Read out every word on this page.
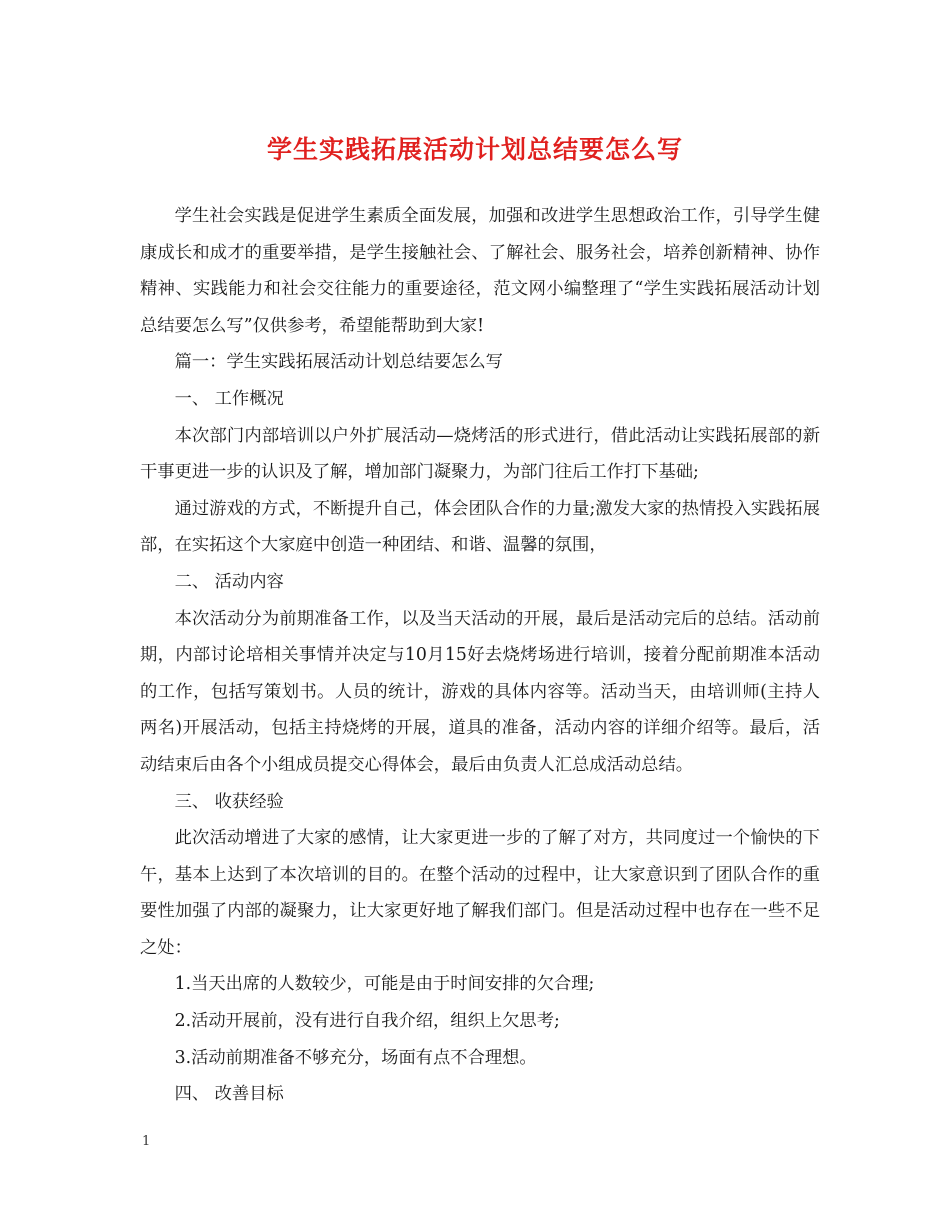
学生实践拓展活动计划总结要怎么写

学生社会实践是促进学生素质全面发展，加强和改进学生思想政治工作，引导学生健康成长和成才的重要举措，是学生接触社会、了解社会、服务社会，培养创新精神、协作精神、实践能力和社会交往能力的重要途径，范文网小编整理了“学生实践拓展活动计划总结要怎么写”仅供参考，希望能帮助到大家!

篇一：学生实践拓展活动计划总结要怎么写

一、 工作概况

本次部门内部培训以户外扩展活动—烧烤活的形式进行，借此活动让实践拓展部的新干事更进一步的认识及了解，增加部门凝聚力，为部门往后工作打下基础;

通过游戏的方式，不断提升自己，体会团队合作的力量;激发大家的热情投入实践拓展部，在实拓这个大家庭中创造一种团结、和谐、温馨的氛围，

二、 活动内容

本次活动分为前期准备工作，以及当天活动的开展，最后是活动完后的总结。活动前期，内部讨论培相关事情并决定与10月15好去烧烤场进行培训，接着分配前期准本活动的工作，包括写策划书。人员的统计，游戏的具体内容等。活动当天，由培训师(主持人两名)开展活动，包括主持烧烤的开展，道具的准备，活动内容的详细介绍等。最后，活动结束后由各个小组成员提交心得体会，最后由负责人汇总成活动总结。

三、 收获经验

此次活动增进了大家的感情，让大家更进一步的了解了对方，共同度过一个愉快的下午，基本上达到了本次培训的目的。在整个活动的过程中，让大家意识到了团队合作的重要性加强了内部的凝聚力，让大家更好地了解我们部门。但是活动过程中也存在一些不足之处：

1.当天出席的人数较少，可能是由于时间安排的欠合理;

2.活动开展前，没有进行自我介绍，组织上欠思考;

3.活动前期准备不够充分，场面有点不合理想。

四、 改善目标

1
